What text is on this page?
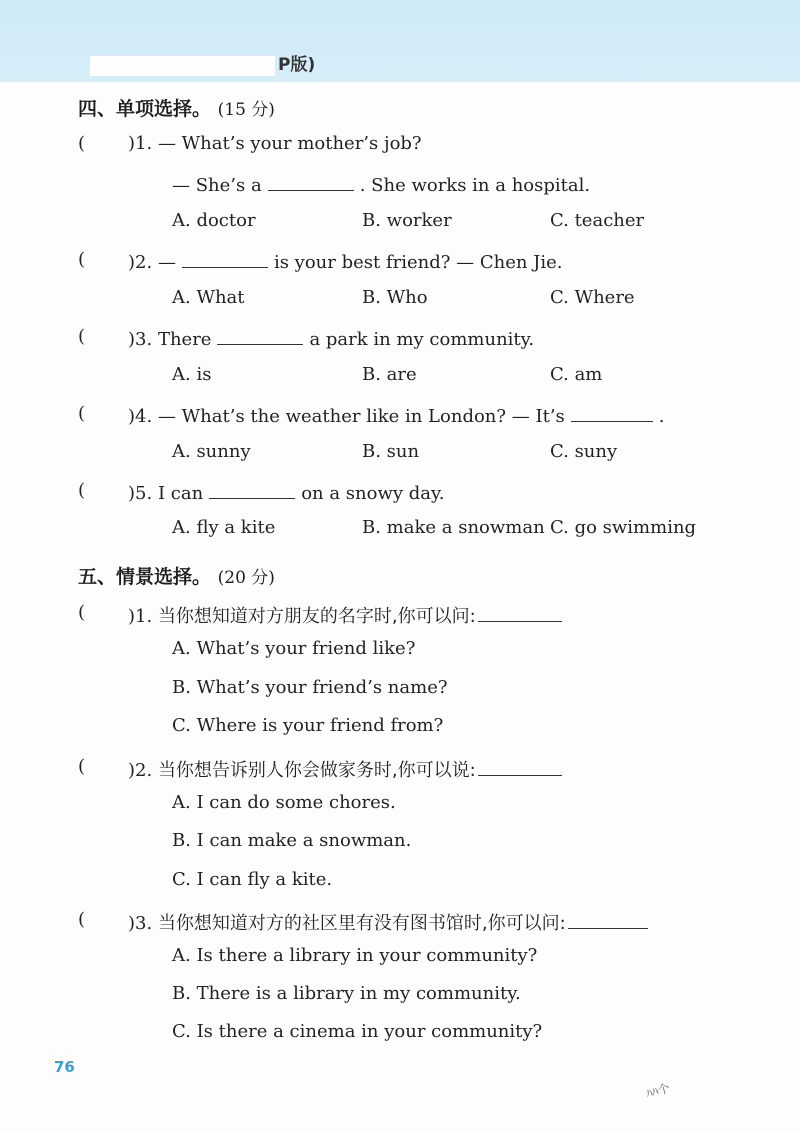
P版)
四、单项选择。 (15 分)
( )1. — What’s your mother’s job?
— She’s a	. She works in a hospital.
A. doctor	B. worker	C. teacher
( )2. —	is your best friend? — Chen Jie.
A. What	B. Who	C. Where
( )3. There	a park in my community.
A. is	B. are	C. am
( )4. — What’s the weather like in London? — It’s	.
A. sunny	B. sun	C. suny
( )5. I can	on a snowy day.
A. fly a kite	B. make a snowman C. go swimming
五、情景选择。 (20 分)
( )1. 当你想知道对方朋友的名字时,你可以问:
A. What’s your friend like?
B. What’s your friend’s name?
C. Where is your friend from?
( )2. 当你想告诉别人你会做家务时,你可以说:
A. I can do some chores.
B. I can make a snowman.
C. I can fly a kite.
( )3. 当你想知道对方的社区里有没有图书馆时,你可以问:
A. Is there a library in your community?
B. There is a library in my community.
C. Is there a cinema in your community?
76
ﾊﾊ个
